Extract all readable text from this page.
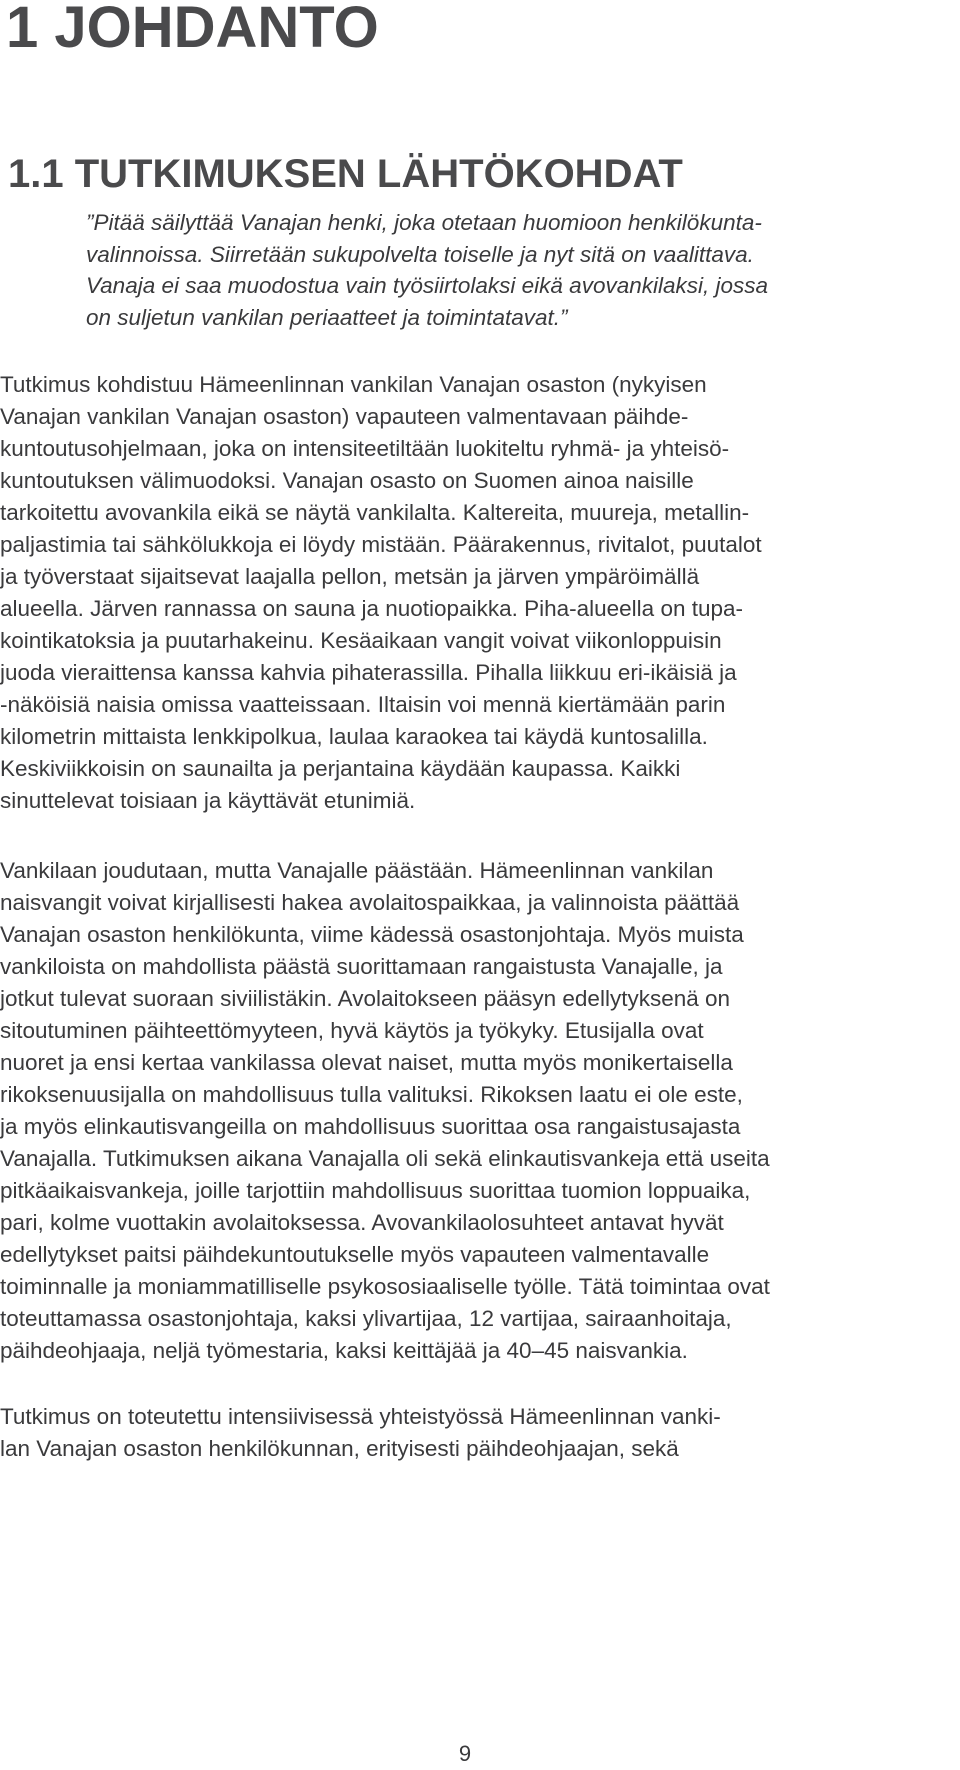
1 JOHDANTO
1.1 TUTKIMUKSEN LÄHTÖKOHDAT

”Pitää säilyttää Vanajan henki, joka otetaan huomioon henkilökunta-

valinnoissa. Siirretään sukupolvelta toiselle ja nyt sitä on vaalittava.

Vanaja ei saa muodostua vain työsiirtolaksi eikä avovankilaksi, jossa

on suljetun vankilan periaatteet ja toimintatavat.”

Tutkimus kohdistuu Hämeenlinnan vankilan Vanajan osaston (nykyisen

Vanajan vankilan Vanajan osaston) vapauteen valmentavaan päihde-

kuntoutusohjelmaan, joka on intensiteetiltään luokiteltu ryhmä- ja yhteisö-

kuntoutuksen välimuodoksi. Vanajan osasto on Suomen ainoa naisille

tarkoitettu avovankila eikä se näytä vankilalta. Kaltereita, muureja, metallin-

paljastimia tai sähkölukkoja ei löydy mistään. Päärakennus, rivitalot, puutalot

ja työverstaat sijaitsevat laajalla pellon, metsän ja järven ympäröimällä

alueella. Järven rannassa on sauna ja nuotiopaikka. Piha-alueella on tupa-

kointikatoksia ja puutarhakeinu. Kesäaikaan vangit voivat viikonloppuisin

juoda vieraittensa kanssa kahvia pihaterassilla. Pihalla liikkuu eri-ikäisiä ja

-näköisiä naisia omissa vaatteissaan. Iltaisin voi mennä kiertämään parin

kilometrin mittaista lenkkipolkua, laulaa karaokea tai käydä kuntosalilla.

Keskiviikkoisin on saunailta ja perjantaina käydään kaupassa. Kaikki

sinuttelevat toisiaan ja käyttävät etunimiä.

Vankilaan joudutaan, mutta Vanajalle päästään. Hämeenlinnan vankilan

naisvangit voivat kirjallisesti hakea avolaitospaikkaa, ja valinnoista päättää

Vanajan osaston henkilökunta, viime kädessä osastonjohtaja. Myös muista

vankiloista on mahdollista päästä suorittamaan rangaistusta Vanajalle, ja

jotkut tulevat suoraan siviilistäkin. Avolaitokseen pääsyn edellytyksenä on

sitoutuminen päihteettömyyteen, hyvä käytös ja työkyky. Etusijalla ovat

nuoret ja ensi kertaa vankilassa olevat naiset, mutta myös monikertaisella

rikoksenuusijalla on mahdollisuus tulla valituksi. Rikoksen laatu ei ole este,

ja myös elinkautisvangeilla on mahdollisuus suorittaa osa rangaistusajasta

Vanajalla. Tutkimuksen aikana Vanajalla oli sekä elinkautisvankeja että useita

pitkäaikaisvankeja, joille tarjottiin mahdollisuus suorittaa tuomion loppuaika,

pari, kolme vuottakin avolaitoksessa. Avovankilaolosuhteet antavat hyvät

edellytykset paitsi päihdekuntoutukselle myös vapauteen valmentavalle

toiminnalle ja moniammatilliselle psykososiaaliselle työlle. Tätä toimintaa ovat

toteuttamassa osastonjohtaja, kaksi ylivartijaa, 12 vartijaa, sairaanhoitaja,

päihdeohjaaja, neljä työmestaria, kaksi keittäjää ja 40–45 naisvankia.

Tutkimus on toteutettu intensiivisessä yhteistyössä Hämeenlinnan vanki-

lan Vanajan osaston henkilökunnan, erityisesti päihdeohjaajan, sekä

9
